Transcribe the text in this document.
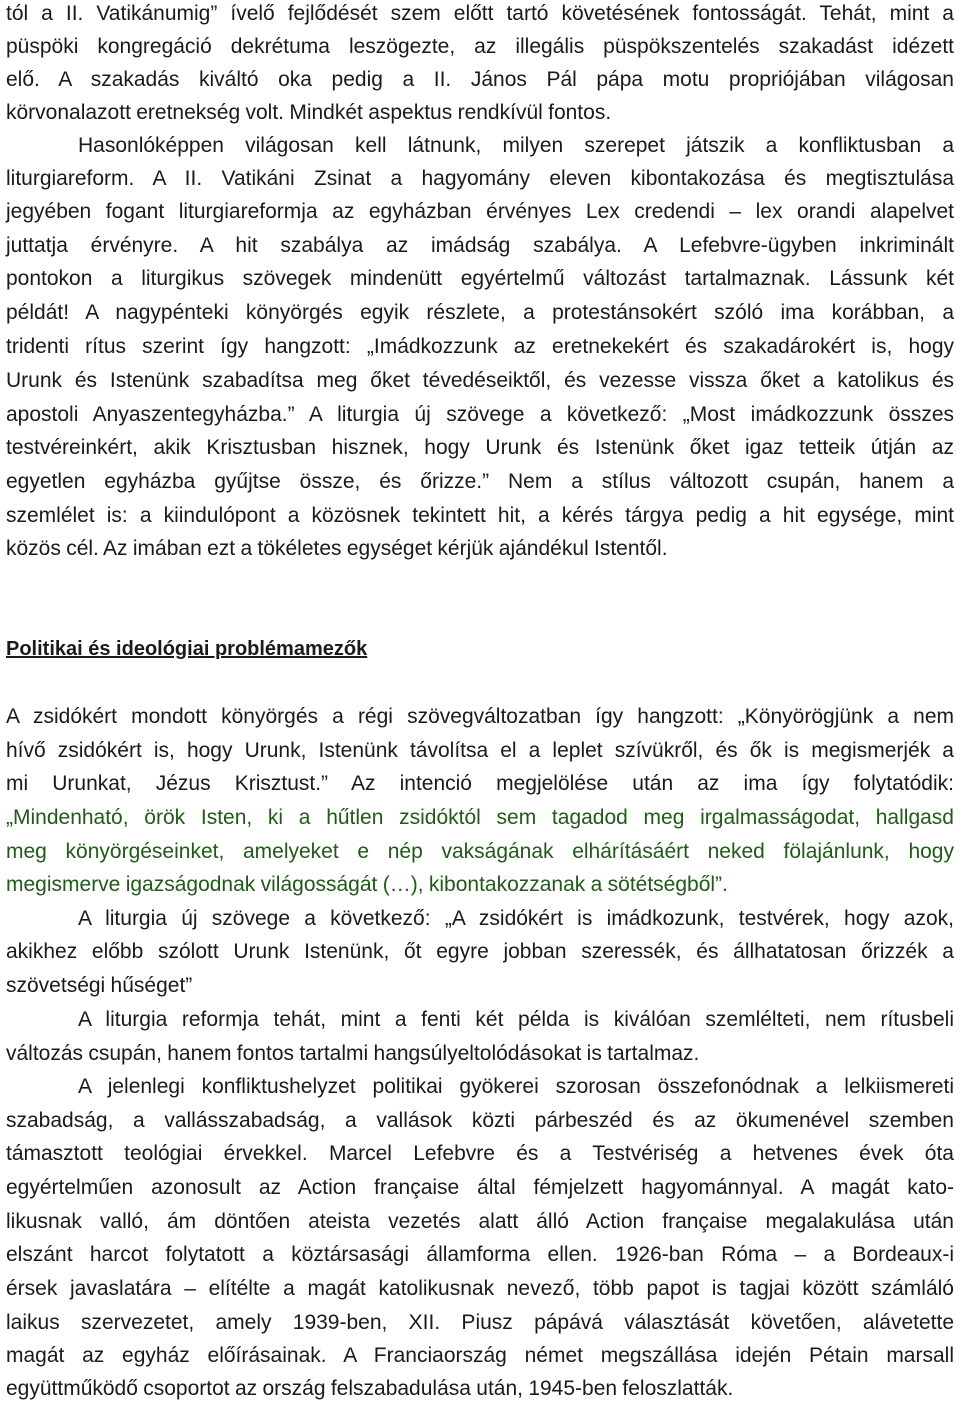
tól a II. Vatikánumig” ívelő fejlődését szem előtt tartó követésének fontosságát. Tehát, mint a
püspöki kongregáció dekrétuma leszögezte, az illegális püspökszentelés szakadást idézett
elő. A szakadás kiváltó oka pedig a II. János Pál pápa motu propriójában világosan
körvonalazott eretnekség volt. Mindkét aspektus rendkívül fontos.
Hasonlóképpen világosan kell látnunk, milyen szerepet játszik a konfliktusban a
liturgiareform. A II. Vatikáni Zsinat a hagyomány eleven kibontakozása és megtisztulása
jegyében fogant liturgiareformja az egyházban érvényes Lex credendi – lex orandi alapelvet
juttatja érvényre. A hit szabálya az imádság szabálya. A Lefebvre-ügyben inkriminált
pontokon a liturgikus szövegek mindenütt egyértelmű változást tartalmaznak. Lássunk két
példát! A nagypénteki könyörgés egyik részlete, a protestánsokért szóló ima korábban, a
tridenti rítus szerint így hangzott: „Imádkozzunk az eretnekekért és szakadárokért is, hogy
Urunk és Istenünk szabadítsa meg őket tévedéseiktől, és vezesse vissza őket a katolikus és
apostoli Anyaszentegyházba.” A liturgia új szövege a következő: „Most imádkozzunk összes
testvéreinkért, akik Krisztusban hisznek, hogy Urunk és Istenünk őket igaz tetteik útján az
egyetlen egyházba gyűjtse össze, és őrizze.” Nem a stílus változott csupán, hanem a
szemlélet is: a kiindulópont a közösnek tekintett hit, a kérés tárgya pedig a hit egysége, mint
közös cél. Az imában ezt a tökéletes egységet kérjük ajándékul Istentől.
Politikai és ideológiai problémamezők
A zsidókért mondott könyörgés a régi szövegváltozatban így hangzott: „Könyörögjünk a nem
hívő zsidókért is, hogy Urunk, Istenünk távolítsa el a leplet szívükről, és ők is megismerjék a
mi Urunkat, Jézus Krisztust.” Az intenció megjelölése után az ima így folytatódik:
„Mindenható, örök Isten, ki a hűtlen zsidóktól sem tagadod meg irgalmasságodat, hallgasd
meg könyörgéseinket, amelyeket e nép vakságának elhárításáért neked fölajánlunk, hogy
megismerve igazságodnak világosságát (…), kibontakozzanak a sötétségből”.
A liturgia új szövege a következő: „A zsidókért is imádkozunk, testvérek, hogy azok,
akikhez előbb szólott Urunk Istenünk, őt egyre jobban szeressék, és állhatatosan őrizzék a
szövetségi hűséget”
A liturgia reformja tehát, mint a fenti két példa is kiválóan szemlélteti, nem rítusbeli
változás csupán, hanem fontos tartalmi hangsúlyeltolódásokat is tartalmaz.
A jelenlegi konfliktushelyzet politikai gyökerei szorosan összefonódnak a lelkiismereti
szabadság, a vallásszabadság, a vallások közti párbeszéd és az ökumenével szemben
támasztott teológiai érvekkel. Marcel Lefebvre és a Testvériség a hetvenes évek óta
egyértelműen azonosult az Action française által fémjelzett hagyománnyal. A magát kato-
likusnak valló, ám döntően ateista vezetés alatt álló Action française megalakulása után
elszánt harcot folytatott a köztársasági államforma ellen. 1926-ban Róma – a Bordeaux-i
érsek javaslatára – elítélte a magát katolikusnak nevező, több papot is tagjai között számláló
laikus szervezetet, amely 1939-ben, XII. Piusz pápává választását követően, alávetette
magát az egyház előírásainak. A Franciaország német megszállása idején Pétain marsall
együttműködő csoportot az ország felszabadulása után, 1945-ben feloszlatták.
